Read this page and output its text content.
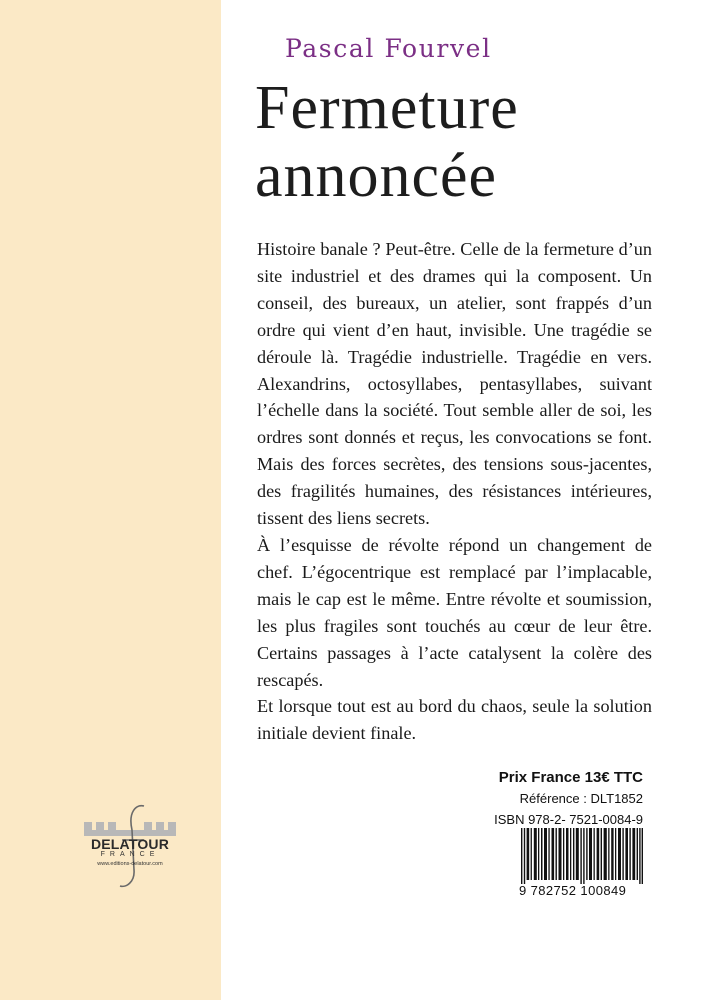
Pascal Fourvel
Fermeture
annoncée

Histoire banale ? Peut-être. Celle de la fermeture d’un site industriel et des drames qui la composent. Un conseil, des bureaux, un atelier, sont frappés d’un ordre qui vient d’en haut, invisible. Une tragédie se déroule là. Tragédie industrielle. Tragédie en vers. Alexandrins, octosyllabes, pentasyllabes, suivant l’échelle dans la société. Tout semble aller de soi, les ordres sont donnés et reçus, les convocations se font. Mais des forces secrètes, des tensions sous-jacentes, des fragilités humaines, des résistances intérieures, tissent des liens secrets.

À l’esquisse de révolte répond un changement de chef. L’égocentrique est remplacé par l’implacable, mais le cap est le même. Entre révolte et soumission, les plus fragiles sont touchés au cœur de leur être. Certains passages à l’acte catalysent la colère des rescapés.

Et lorsque tout est au bord du chaos, seule la solution initiale devient finale.

Prix France 13€ TTC
Référence : DLT1852
ISBN 978-2- 7521-0084-9
9 782752 100849
DELATOUR
FRANCE
www.editions-delatour.com
